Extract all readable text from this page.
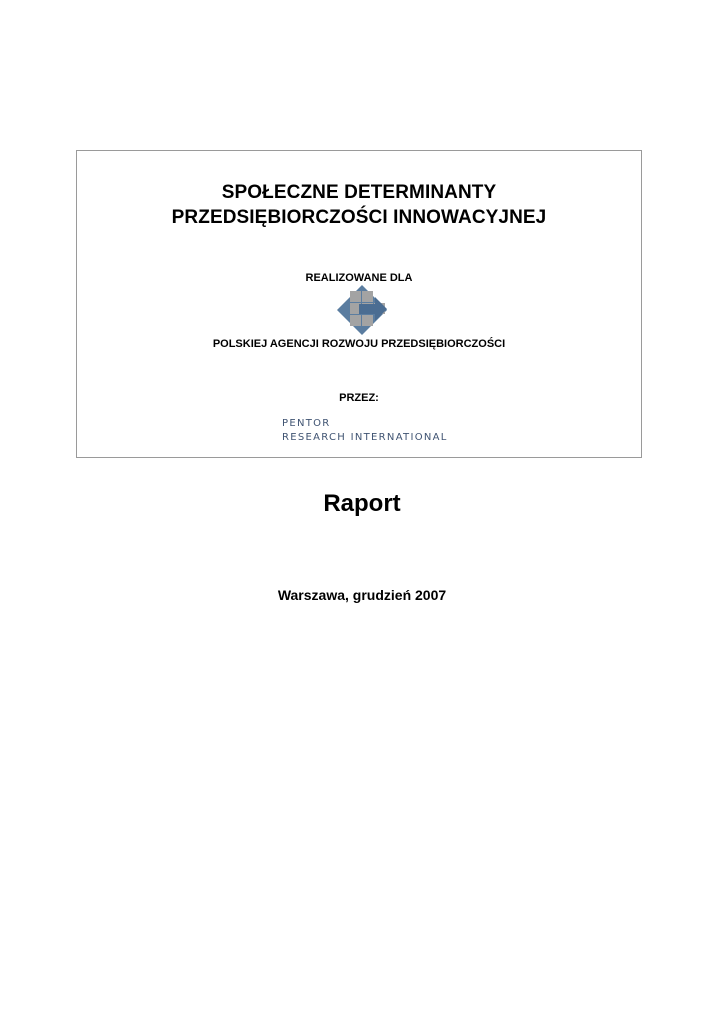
SPOŁECZNE DETERMINANTY
PRZEDSIĘBIORCZOŚCI INNOWACYJNEJ
REALIZOWANE DLA
POLSKIEJ AGENCJI ROZWOJU PRZEDSIĘBIORCZOŚCI
PRZEZ:
PENTOR
RESEARCH INTERNATIONAL
Raport
Warszawa, grudzień 2007
